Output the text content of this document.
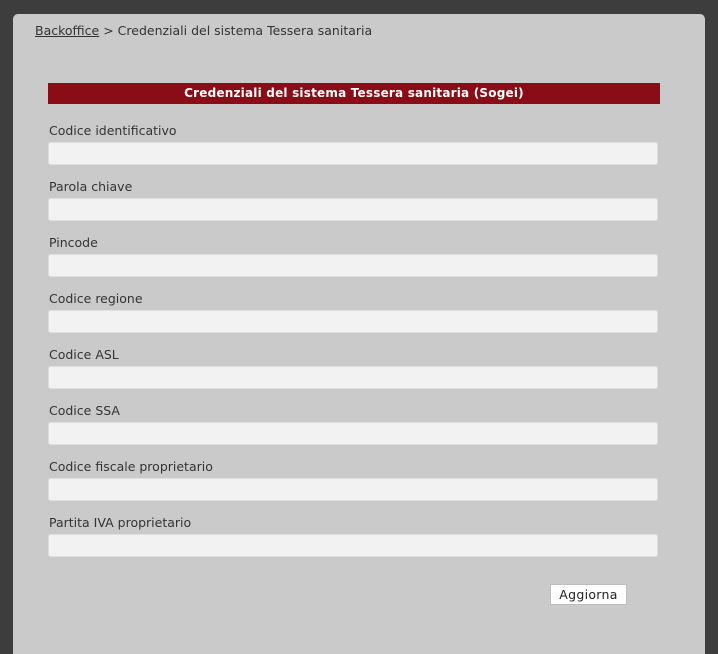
Backoffice > Credenziali del sistema Tessera sanitaria
Credenziali del sistema Tessera sanitaria (Sogei)
Codice identificativo
Parola chiave
Pincode
Codice regione
Codice ASL
Codice SSA
Codice fiscale proprietario
Partita IVA proprietario
Aggiorna
